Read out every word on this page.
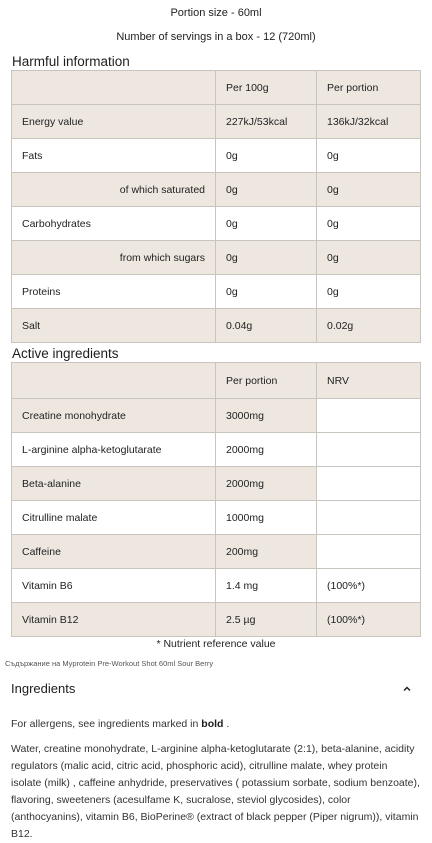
Portion size - 60ml
Number of servings in a box - 12 (720ml)
Harmful information
	Per 100g	Per portion
Energy value	227kJ/53kcal	136kJ/32kcal
Fats	0g	0g
of which saturated	0g	0g
Carbohydrates	0g	0g
from which sugars	0g	0g
Proteins	0g	0g
Salt	0.04g	0.02g
Active ingredients
	Per portion	NRV
Creatine monohydrate	3000mg	
L-arginine alpha-ketoglutarate	2000mg	
Beta-alanine	2000mg	
Citrulline malate	1000mg	
Caffeine	200mg	
Vitamin B6	1.4 mg	(100%*)
Vitamin B12	2.5 µg	(100%*)
* Nutrient reference value
Съдържание на Myprotein Pre-Workout Shot 60ml Sour Berry
Ingredients
For allergens, see ingredients marked in bold .
Water, creatine monohydrate, L-arginine alpha-ketoglutarate (2:1), beta-alanine, acidity regulators (malic acid, citric acid, phosphoric acid), citrulline malate, whey protein isolate (milk) , caffeine anhydride, preservatives ( potassium sorbate, sodium benzoate), flavoring, sweeteners (acesulfame K, sucralose, steviol glycosides), color (anthocyanins), vitamin B6, BioPerine® (extract of black pepper (Piper nigrum)), vitamin B12.
